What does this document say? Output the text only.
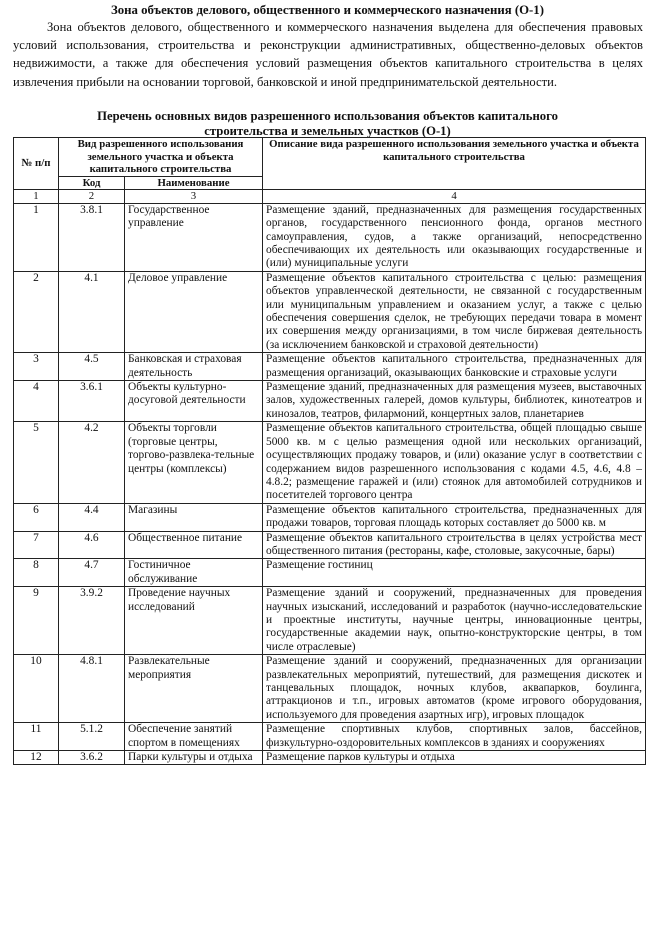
Зона объектов делового, общественного и коммерческого назначения (О-1)
Зона объектов делового, общественного и коммерческого назначения выделена для обеспечения правовых условий использования, строительства и реконструкции административных, общественно-деловых объектов недвижимости, а также для обеспечения условий размещения объектов капитального строительства в целях извлечения прибыли на основании торговой, банковской и иной предпринимательской деятельности.
Перечень основных видов разрешенного использования объектов капитального
строительства и земельных участков (О-1)
№ п/п	Вид разрешенного использования земельного участка и объекта капитального строительства		Описание вида разрешенного использования земельного участка и объекта капитального строительства
	Код	Наименование	
1	2	3	4
1	3.8.1	Государственное управление	Размещение зданий, предназначенных для размещения государственных органов, государственного пенсионного фонда, органов местного самоуправления, судов, а также организаций, непосредственно обеспечивающих их деятельность или оказывающих государственные и (или) муниципальные услуги
2	4.1	Деловое управление	Размещение объектов капитального строительства с целью: размещения объектов управленческой деятельности, не связанной с государственным или муниципальным управлением и оказанием услуг, а также с целью обеспечения совершения сделок, не требующих передачи товара в момент их совершения между организациями, в том числе биржевая деятельность (за исключением банковской и страховой деятельности)
3	4.5	Банковская и страховая деятельность	Размещение объектов капитального строительства, предназначенных для размещения организаций, оказывающих банковские и страховые услуги
4	3.6.1	Объекты культурно-досуговой деятельности	Размещение зданий, предназначенных для размещения музеев, выставочных залов, художественных галерей, домов культуры, библиотек, кинотеатров и кинозалов, театров, филармоний, концертных залов, планетариев
5	4.2	Объекты торговли (торговые центры, торгово-развлека-тельные центры (комплексы)	Размещение объектов капитального строительства, общей площадью свыше 5000 кв. м с целью размещения одной или нескольких организаций, осуществляющих продажу товаров, и (или) оказание услуг в соответствии с содержанием видов разрешенного использования с кодами 4.5, 4.6, 4.8 – 4.8.2; размещение гаражей и (или) стоянок для автомобилей сотрудников и посетителей торгового центра
6	4.4	Магазины	Размещение объектов капитального строительства, предназначенных для продажи товаров, торговая площадь которых составляет до 5000 кв. м
7	4.6	Общественное питание	Размещение объектов капитального строительства в целях устройства мест общественного питания (рестораны, кафе, столовые, закусочные, бары)
8	4.7	Гостиничное обслуживание	Размещение гостиниц
9	3.9.2	Проведение научных исследований	Размещение зданий и сооружений, предназначенных для проведения научных изысканий, исследований и разработок (научно-исследовательские и проектные институты, научные центры, инновационные центры, государственные академии наук, опытно-конструкторские центры, в том числе отраслевые)
10	4.8.1	Развлекательные мероприятия	Размещение зданий и сооружений, предназначенных для организации развлекательных мероприятий, путешествий, для размещения дискотек и танцевальных площадок, ночных клубов, аквапарков, боулинга, аттракционов и т.п., игровых автоматов (кроме игрового оборудования, используемого для проведения азартных игр), игровых площадок
11	5.1.2	Обеспечение занятий спортом в помещениях	Размещение спортивных клубов, спортивных залов, бассейнов, физкультурно-оздоровительных комплексов в зданиях и сооружениях
12	3.6.2	Парки культуры и отдыха	Размещение парков культуры и отдыха
